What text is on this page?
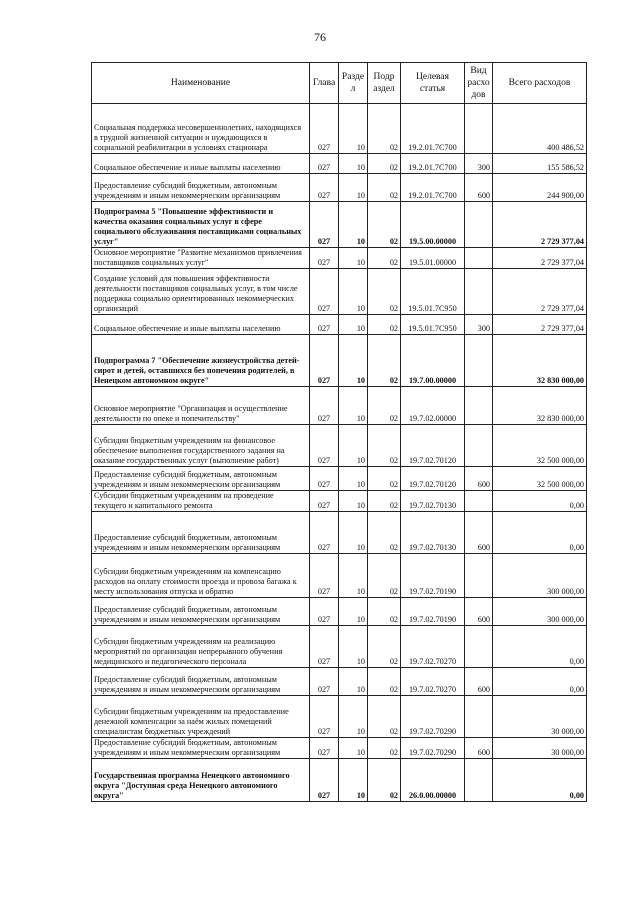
76
Наименование	Глава	Разде л	Подр аздел	Целевая статья	Вид расхо дов	Всего расходов
Социальная поддержка несовершеннолетних, находящихся в трудной жизненной ситуации и нуждающихся в социальной реабилитации в условиях стационара	027	10	02	19.2.01.7С700		400 486,52
Социальное обеспечение и иные выплаты населению	027	10	02	19.2.01.7С700	300	155 586,52
Предоставление субсидий бюджетным, автономным учреждениям и иным некоммерческим организациям	027	10	02	19.2.01.7С700	600	244 900,00
Подпрограмма 5 "Повышение эффективности и качества оказания социальных услуг в сфере социального обслуживания поставщиками социальных услуг"	027	10	02	19.5.00.00000		2 729 377,04
Основное мероприятие "Развитие механизмов привлечения поставщиков социальных услуг"	027	10	02	19.5.01.00000		2 729 377,04
Создание условий для повышения эффективности деятельности поставщиков социальных услуг, в том числе поддержка социально ориентированных некоммерческих организаций	027	10	02	19.5.01.7С950		2 729 377,04
Социальное обеспечение и иные выплаты населению	027	10	02	19.5.01.7С950	300	2 729 377,04
Подпрограмма 7 "Обеспечение жизнеустройства детей-сирот и детей, оставшихся без попечения родителей, в Ненецком автономном округе"	027	10	02	19.7.00.00000		32 830 000,00
Основное мероприятие "Организация и осуществление деятельности по опеке и попечительству"	027	10	02	19.7.02.00000		32 830 000,00
Субсидии бюджетным учреждениям на финансовое обеспечение выполнения государственного задания на оказание государственных услуг (выполнение работ)	027	10	02	19.7.02.70120		32 500 000,00
Предоставление субсидий бюджетным, автономным учреждениям и иным некоммерческим организациям	027	10	02	19.7.02.70120	600	32 500 000,00
Субсидии бюджетным учреждениям на проведение текущего и капитального ремонта	027	10	02	19.7.02.70130		0,00
Предоставление субсидий бюджетным, автономным учреждениям и иным некоммерческим организациям	027	10	02	19.7.02.70130	600	0,00
Субсидии бюджетным учреждениям на компенсацию расходов на оплату стоимости проезда и провоза багажа к месту использования отпуска и обратно	027	10	02	19.7.02.70190		300 000,00
Предоставление субсидий бюджетным, автономным учреждениям и иным некоммерческим организациям	027	10	02	19.7.02.70190	600	300 000,00
Субсидии бюджетным учреждениям на реализацию мероприятий по организации непрерывного обучения медицинского и педагогического персонала	027	10	02	19.7.02.70270		0,00
Предоставление субсидий бюджетным, автономным учреждениям и иным некоммерческим организациям	027	10	02	19.7.02.70270	600	0,00
Субсидии бюджетным учреждениям на предоставление денежной компенсации за наём жилых помещений специалистам бюджетных учреждений	027	10	02	19.7.02.70290		30 000,00
Предоставление субсидий бюджетным, автономным учреждениям и иным некоммерческим организациям	027	10	02	19.7.02.70290	600	30 000,00
Государственная программа Ненецкого автономного округа "Доступная среда Ненецкого автономного округа"	027	10	02	26.0.00.00000		0,00
